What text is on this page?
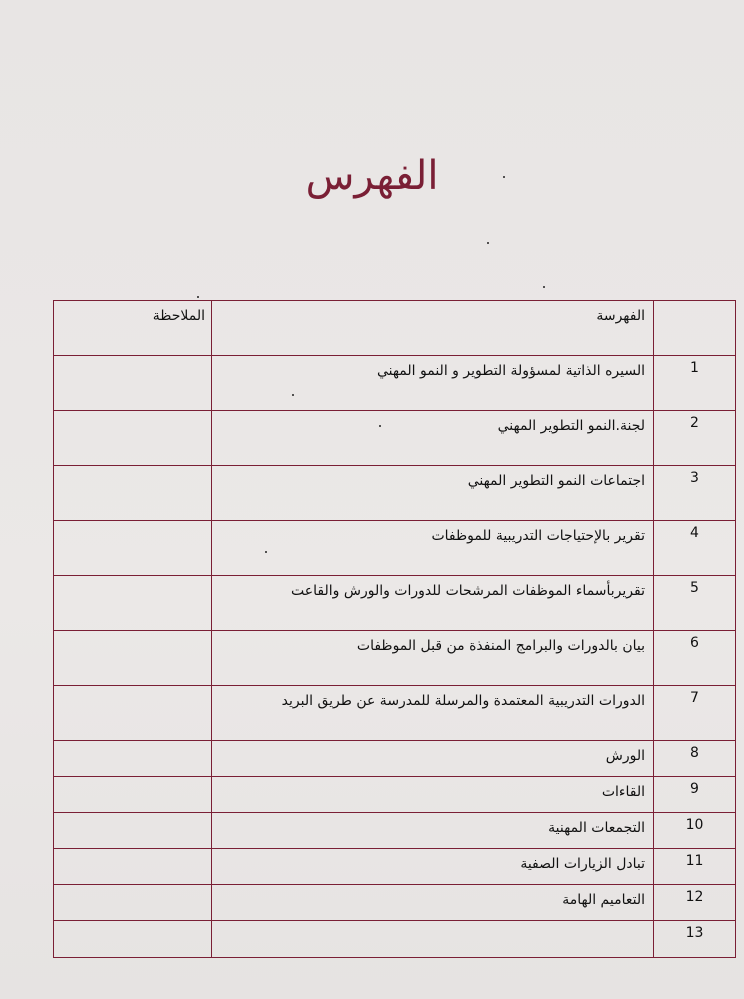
الفهرس
	الفهرسة	الملاحظة

1	السيره الذاتية لمسؤولة التطوير و النمو المهني	

2	لجنة.النمو التطوير المهني	

3	اجتماعات النمو التطوير المهني	

4	تقرير بالإحتياجات التدريبية للموظفات	

5	تقريربأسماء الموظفات المرشحات للدورات والورش والقاعت	

6	بيان بالدورات والبرامج المنفذة من قبل الموظفات	

7	الدورات التدريبية المعتمدة والمرسلة للمدرسة عن طريق البريد	

8	الورش	

9	القاءات	

10	التجمعات المهنية	

11	تبادل الزيارات الصفية	

12	التعاميم الهامة	

13		
